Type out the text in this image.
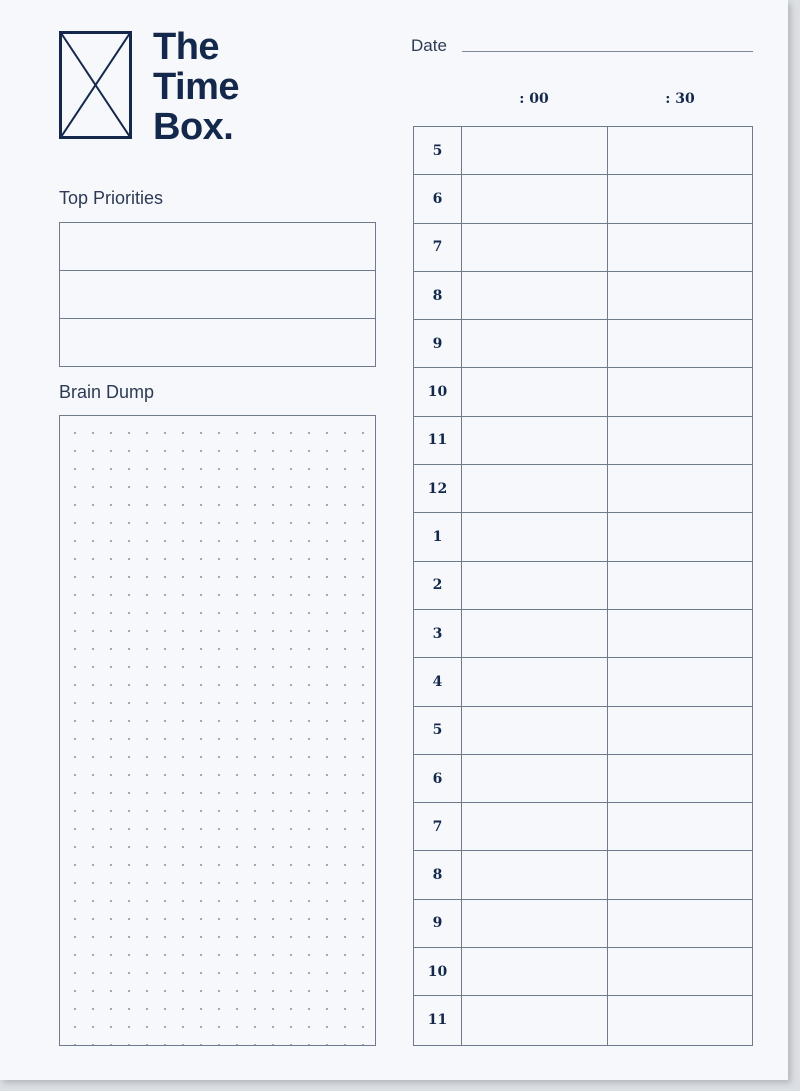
The
Time
Box.
Date
: 00	: 30
Top Priorities
Brain Dump
5
6
7
8
9
10
11
12
1
2
3
4
5
6
7
8
9
10
11
